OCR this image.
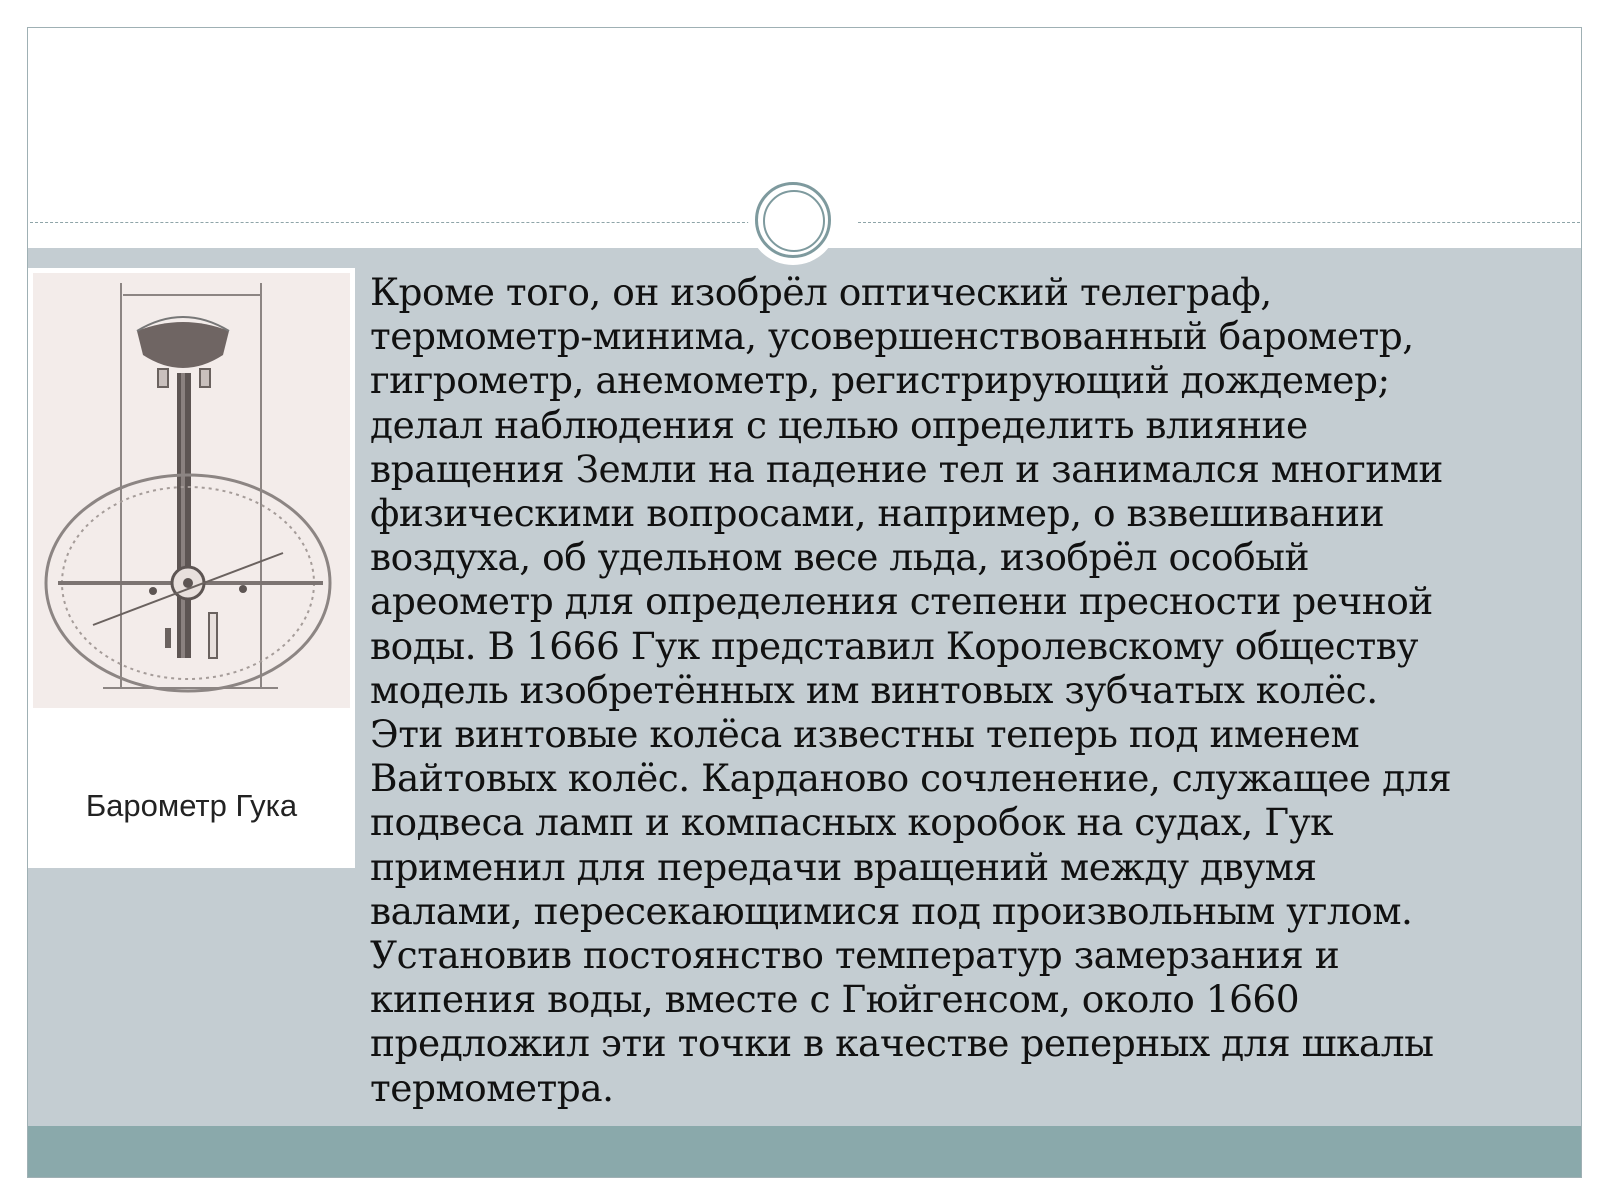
Барометр Гука

Кроме того, он изобрёл оптический телеграф,
термометр-минима, усовершенствованный барометр,
гигрометр, анемометр, регистрирующий дождемер;
делал наблюдения с целью определить влияние
вращения Земли на падение тел и занимался многими
физическими вопросами, например, о взвешивании
воздуха, об удельном весе льда, изобрёл особый
ареометр для определения степени пресности речной
воды. В 1666 Гук представил Королевскому обществу
модель изобретённых им винтовых зубчатых колёс.
Эти винтовые колёса известны теперь под именем
Вайтовых колёс. Карданово сочленение, служащее для
подвеса ламп и компасных коробок на судах, Гук
применил для передачи вращений между двумя
валами, пересекающимися под произвольным углом.
Установив постоянство температур замерзания и
кипения воды, вместе с Гюйгенсом, около 1660
предложил эти точки в качестве реперных для шкалы
термометра.
